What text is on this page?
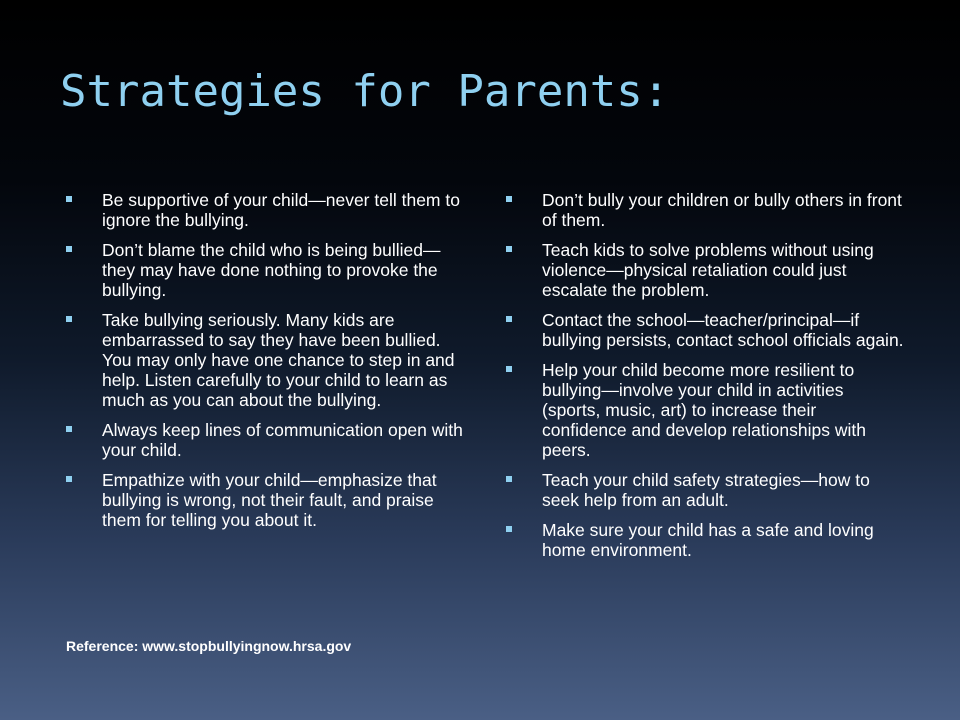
Strategies for Parents:
Be supportive of your child—never tell them to ignore the bullying.
Don’t blame the child who is being bullied—they may have done nothing to provoke the bullying.
Take bullying seriously. Many kids are embarrassed to say they have been bullied. You may only have one chance to step in and help. Listen carefully to your child to learn as much as you can about the bullying.
Always keep lines of communication open with your child.
Empathize with your child—emphasize that bullying is wrong, not their fault, and praise them for telling you about it.
Don’t bully your children or bully others in front of them.
Teach kids to solve problems without using violence—physical retaliation could just escalate the problem.
Contact the school—teacher/principal—if bullying persists, contact school officials again.
Help your child become more resilient to bullying—involve your child in activities (sports, music, art) to increase their confidence and develop relationships with peers.
Teach your child safety strategies—how to seek help from an adult.
Make sure your child has a safe and loving home environment.

Reference: www.stopbullyingnow.hrsa.gov
